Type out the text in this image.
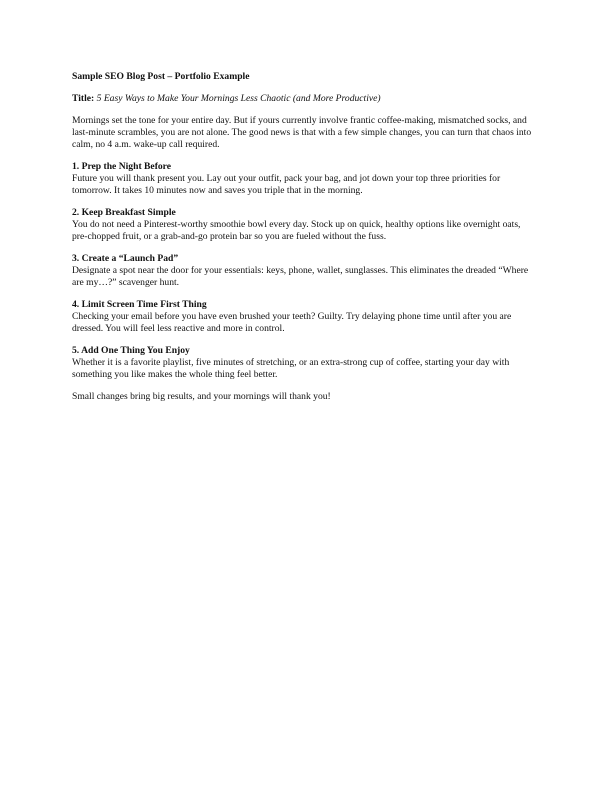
Sample SEO Blog Post – Portfolio Example
Title: 5 Easy Ways to Make Your Mornings Less Chaotic (and More Productive)

Mornings set the tone for your entire day. But if yours currently involve frantic coffee-making, mismatched socks, and last-minute scrambles, you are not alone. The good news is that with a few simple changes, you can turn that chaos into calm, no 4 a.m. wake-up call required.

1. Prep the Night Before
Future you will thank present you. Lay out your outfit, pack your bag, and jot down your top three priorities for tomorrow. It takes 10 minutes now and saves you triple that in the morning.
2. Keep Breakfast Simple
You do not need a Pinterest-worthy smoothie bowl every day. Stock up on quick, healthy options like overnight oats, pre-chopped fruit, or a grab-and-go protein bar so you are fueled without the fuss.
3. Create a “Launch Pad”
Designate a spot near the door for your essentials: keys, phone, wallet, sunglasses. This eliminates the dreaded “Where are my…?” scavenger hunt.
4. Limit Screen Time First Thing
Checking your email before you have even brushed your teeth? Guilty. Try delaying phone time until after you are dressed. You will feel less reactive and more in control.
5. Add One Thing You Enjoy
Whether it is a favorite playlist, five minutes of stretching, or an extra-strong cup of coffee, starting your day with something you like makes the whole thing feel better.

Small changes bring big results, and your mornings will thank you!
